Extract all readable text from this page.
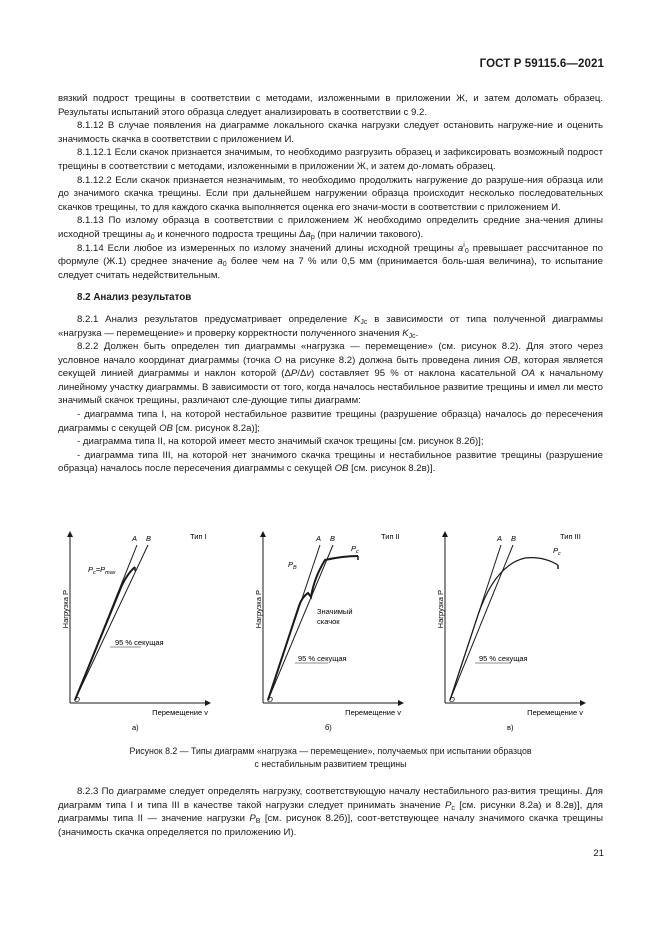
ГОСТ Р 59115.6—2021

вязкий подрост трещины в соответствии с методами, изложенными в приложении Ж, и затем доломать образец. Результаты испытаний этого образца следует анализировать в соответствии с 9.2.

8.1.12 В случае появления на диаграмме локального скачка нагрузки следует остановить нагруже-ние и оценить значимость скачка в соответствии с приложением И.

8.1.12.1 Если скачок признается значимым, то необходимо разгрузить образец и зафиксировать возможный подрост трещины в соответствии с методами, изложенными в приложении Ж, и затем до-ломать образец.

8.1.12.2 Если скачок признается незначимым, то необходимо продолжить нагружение до разруше-ния образца или до значимого скачка трещины. Если при дальнейшем нагружении образца происходит несколько последовательных скачков трещины, то для каждого скачка выполняется оценка его значи-мости в соответствии с приложением И.

8.1.13 По излому образца в соответствии с приложением Ж необходимо определить средние зна-чения длины исходной трещины $a_0$ и конечного подроста трещины $\Delta a_p$ (при наличии такового).

8.1.14 Если любое из измеренных по излому значений длины исходной трещины $a^i_0$ превышает рассчитанное по формуле (Ж.1) среднее значение $a_0$ более чем на 7 % или 0,5 мм (принимается боль-шая величина), то испытание следует считать недействительным.

8.2 Анализ результатов

8.2.1 Анализ результатов предусматривает определение $K_{Jc}$ в зависимости от типа полученной диаграммы «нагрузка — перемещение» и проверку корректности полученного значения $K_{Jc}$.

8.2.2 Должен быть определен тип диаграммы «нагрузка — перемещение» (см. рисунок 8.2). Для этого через условное начало координат диаграммы (точка O на рисунке 8.2) должна быть проведена линия OB, которая является секущей линией диаграммы и наклон которой (ΔP/Δv) составляет 95 % от наклона касательной OA к начальному линейному участку диаграммы. В зависимости от того, когда началось нестабильное развитие трещины и имел ли место значимый скачок трещины, различают сле-дующие типы диаграмм:

- диаграмма типа I, на которой нестабильное развитие трещины (разрушение образца) началось до пересечения диаграммы с секущей OB [см. рисунок 8.2а)];

- диаграмма типа II, на которой имеет место значимый скачок трещины [см. рисунок 8.2б)];

- диаграмма типа III, на которой нет значимого скачка трещины и нестабильное развитие трещины (разрушение образца) началось после пересечения диаграммы с секущей OB [см. рисунок 8.2в)].

Нагрузка P
Перемещение v
A B	Тип I
$P_c=P_{max}$
95 % секущая
O
а)
Нагрузка P
Перемещение v
A B	Тип II
$P_B$
$P_c$
Значимый
скачок
95 % секущая
O
б)
Нагрузка P
Перемещение v
A B	Тип III
$P_c$
95 % секущая
O
в)
Рисунок 8.2 — Типы диаграмм «нагрузка — перемещение», получаемых при испытании образцов
с нестабильным развитием трещины

8.2.3 По диаграмме следует определять нагрузку, соответствующую началу нестабильного раз-вития трещины. Для диаграмм типа I и типа III в качестве такой нагрузки следует принимать значение $P_c$ [см. рисунки 8.2а) и 8.2в)], для диаграммы типа II — значение нагрузки $P_B$ [см. рисунок 8.2б)], соот-ветствующее началу значимого скачка трещины (значимость скачка определяется по приложению И).

21
